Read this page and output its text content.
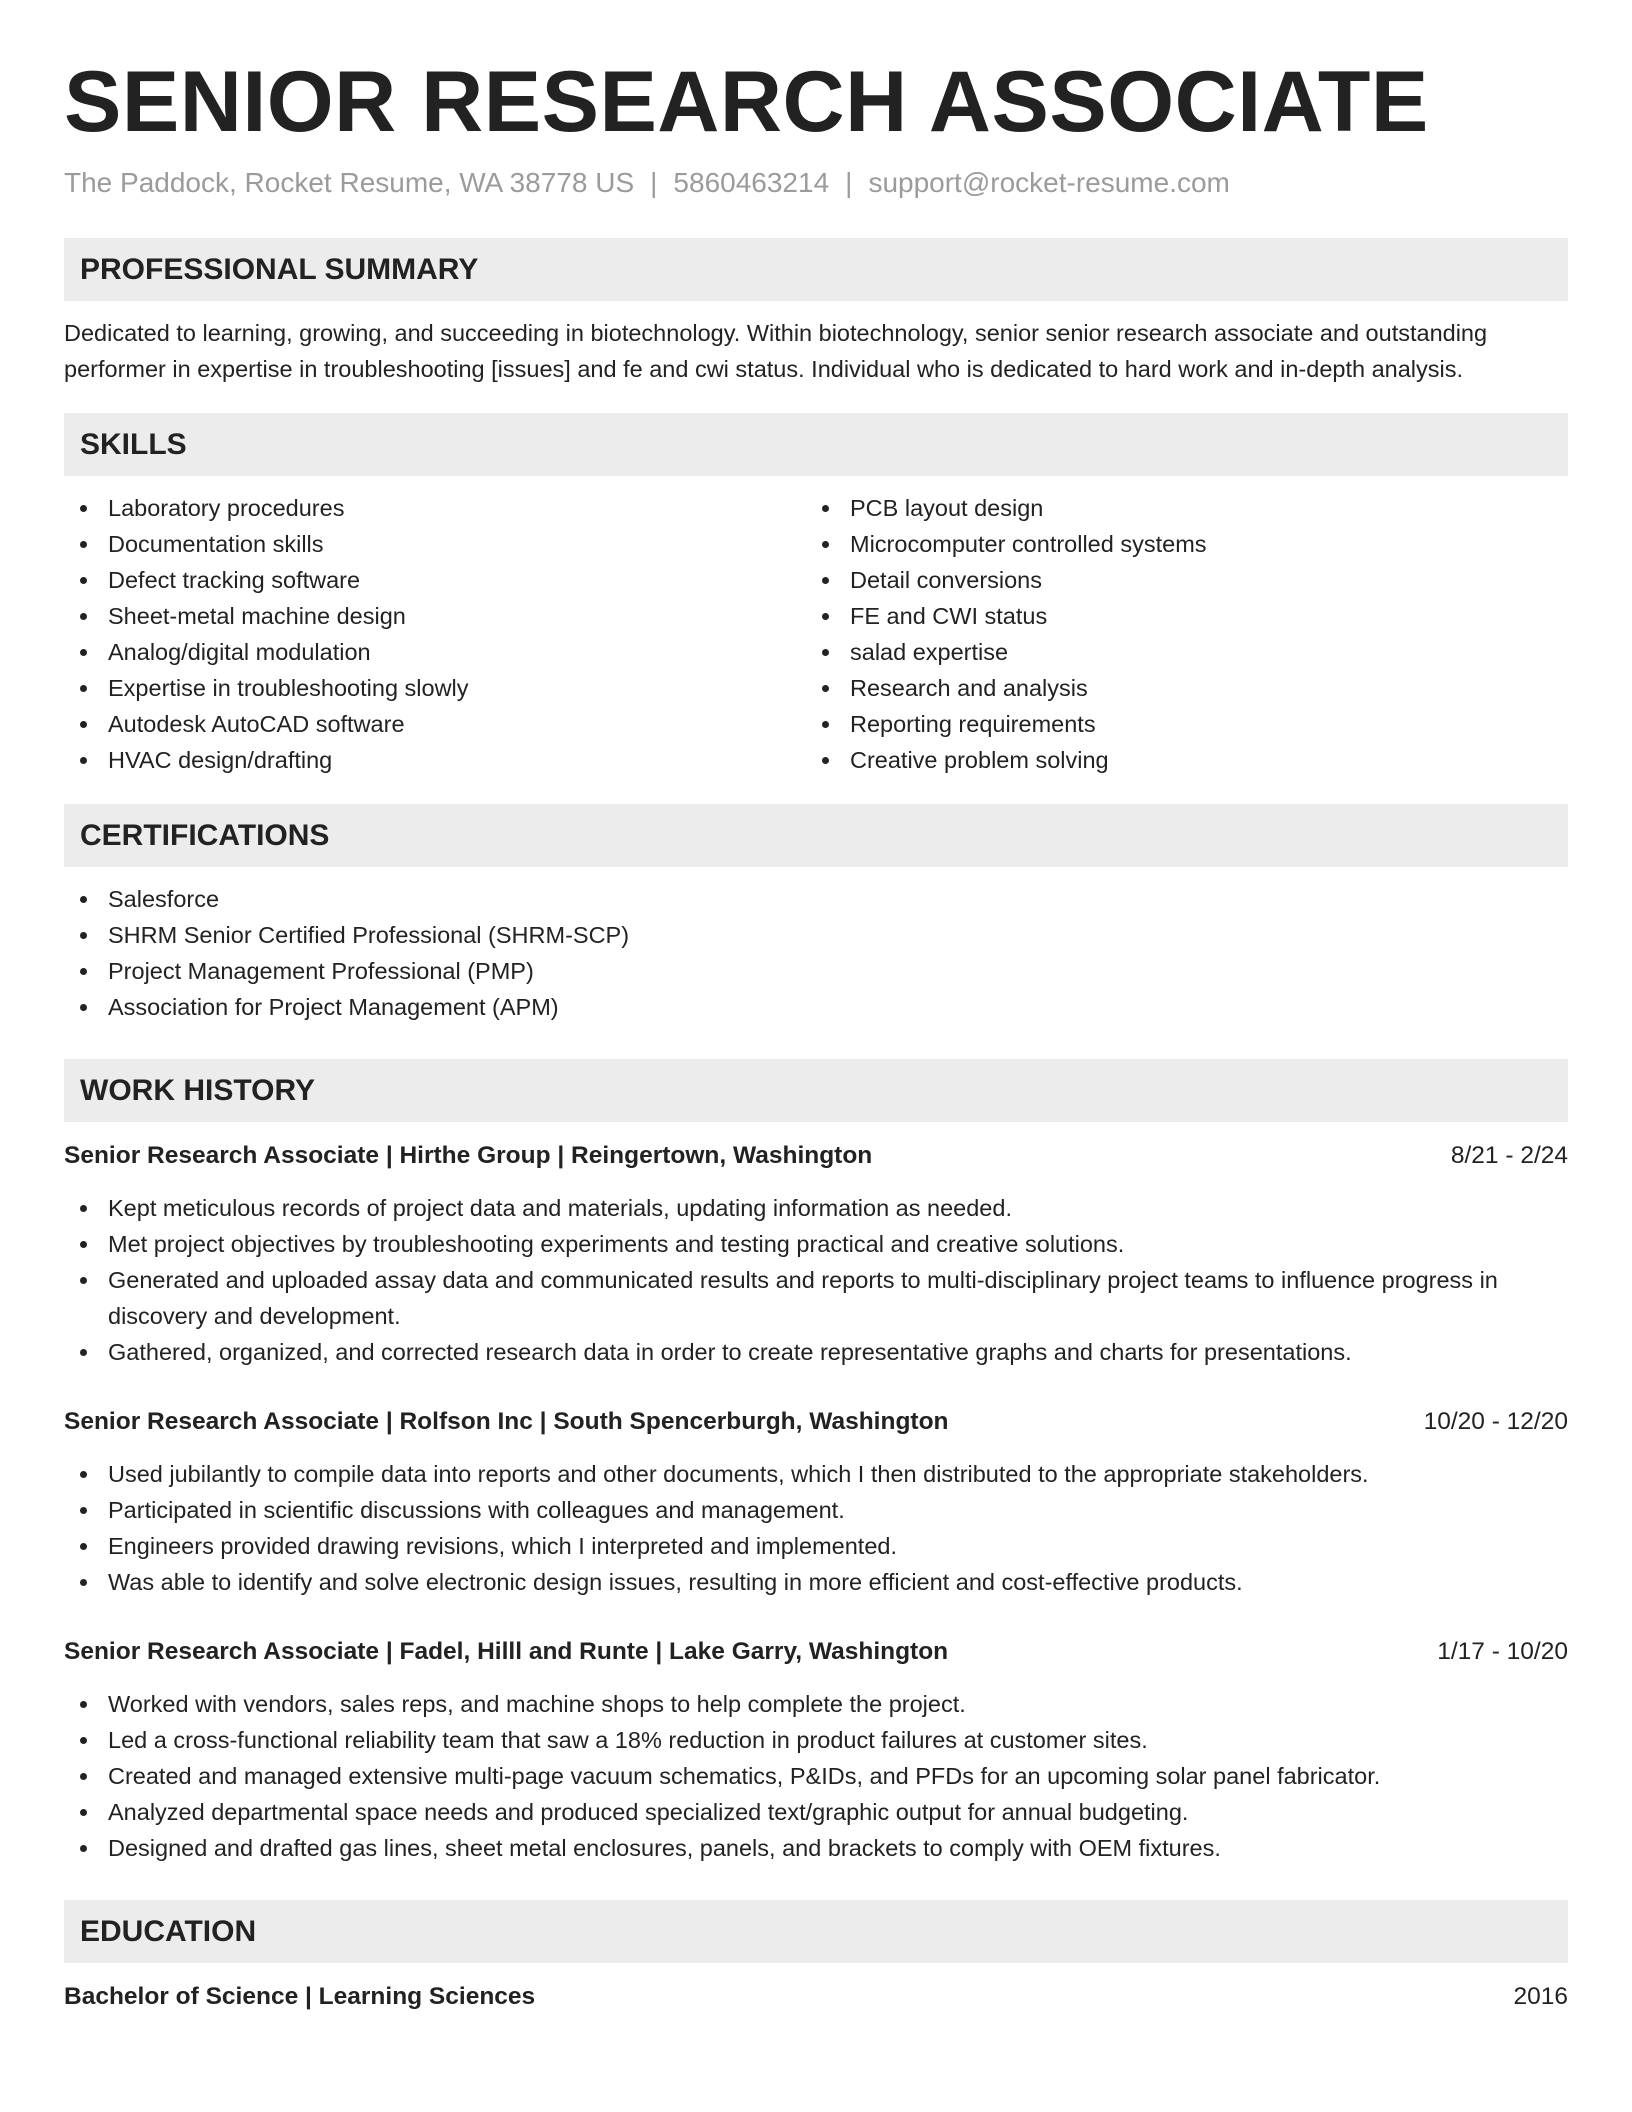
SENIOR RESEARCH ASSOCIATE
The Paddock, Rocket Resume, WA 38778 US | 5860463214 | support@rocket-resume.com
PROFESSIONAL SUMMARY

Dedicated to learning, growing, and succeeding in biotechnology. Within biotechnology, senior senior research associate and outstanding performer in expertise in troubleshooting [issues] and fe and cwi status. Individual who is dedicated to hard work and in-depth analysis.

SKILLS
Laboratory procedures
Documentation skills
Defect tracking software
Sheet-metal machine design
Analog/digital modulation
Expertise in troubleshooting slowly
Autodesk AutoCAD software
HVAC design/drafting
PCB layout design
Microcomputer controlled systems
Detail conversions
FE and CWI status
salad expertise
Research and analysis
Reporting requirements
Creative problem solving
CERTIFICATIONS
Salesforce
SHRM Senior Certified Professional (SHRM-SCP)
Project Management Professional (PMP)
Association for Project Management (APM)
WORK HISTORY
Senior Research Associate | Hirthe Group | Reingertown, Washington	8/21 - 2/24
Kept meticulous records of project data and materials, updating information as needed.
Met project objectives by troubleshooting experiments and testing practical and creative solutions.
Generated and uploaded assay data and communicated results and reports to multi-disciplinary project teams to influence progress in discovery and development.
Gathered, organized, and corrected research data in order to create representative graphs and charts for presentations.
Senior Research Associate | Rolfson Inc | South Spencerburgh, Washington	10/20 - 12/20
Used jubilantly to compile data into reports and other documents, which I then distributed to the appropriate stakeholders.
Participated in scientific discussions with colleagues and management.
Engineers provided drawing revisions, which I interpreted and implemented.
Was able to identify and solve electronic design issues, resulting in more efficient and cost-effective products.
Senior Research Associate | Fadel, Hilll and Runte | Lake Garry, Washington	1/17 - 10/20
Worked with vendors, sales reps, and machine shops to help complete the project.
Led a cross-functional reliability team that saw a 18% reduction in product failures at customer sites.
Created and managed extensive multi-page vacuum schematics, P&IDs, and PFDs for an upcoming solar panel fabricator.
Analyzed departmental space needs and produced specialized text/graphic output for annual budgeting.
Designed and drafted gas lines, sheet metal enclosures, panels, and brackets to comply with OEM fixtures.
EDUCATION
Bachelor of Science | Learning Sciences	2016
